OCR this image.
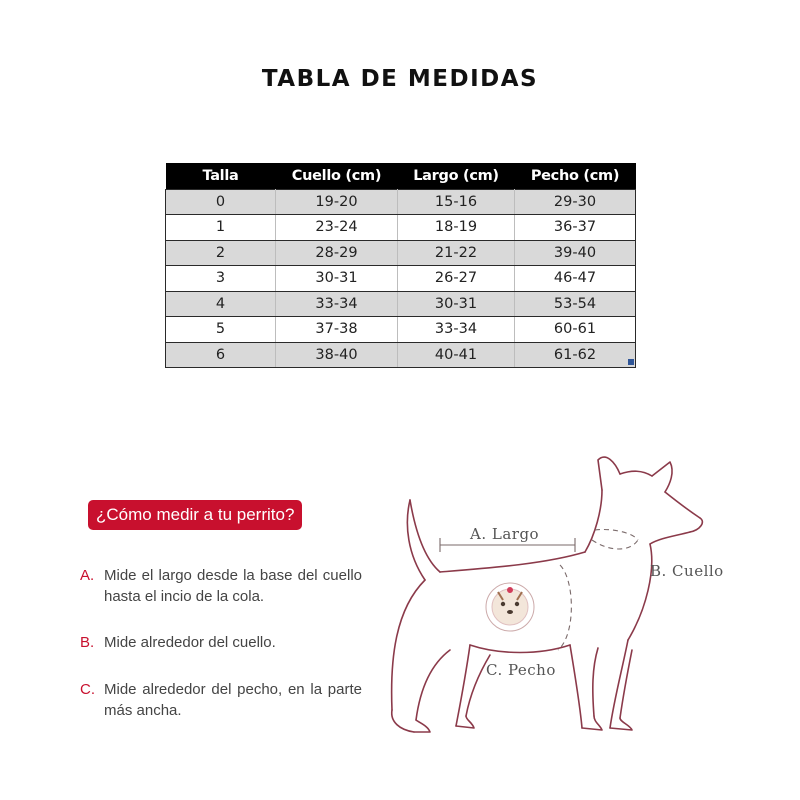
TABLA DE MEDIDAS
Talla	Cuello (cm)	Largo (cm)	Pecho (cm)
0	19-20	15-16	29-30
1	23-24	18-19	36-37
2	28-29	21-22	39-40
3	30-31	26-27	46-47
4	33-34	30-31	53-54
5	37-38	33-34	60-61
6	38-40	40-41	61-62
¿Cómo medir a tu perrito?
A. Mide el largo desde la base del cuello hasta el incio de la cola.
B. Mide alrededor del cuello.
C. Mide alrededor del pecho, en la parte más ancha.
A. Largo
B. Cuello
C. Pecho
